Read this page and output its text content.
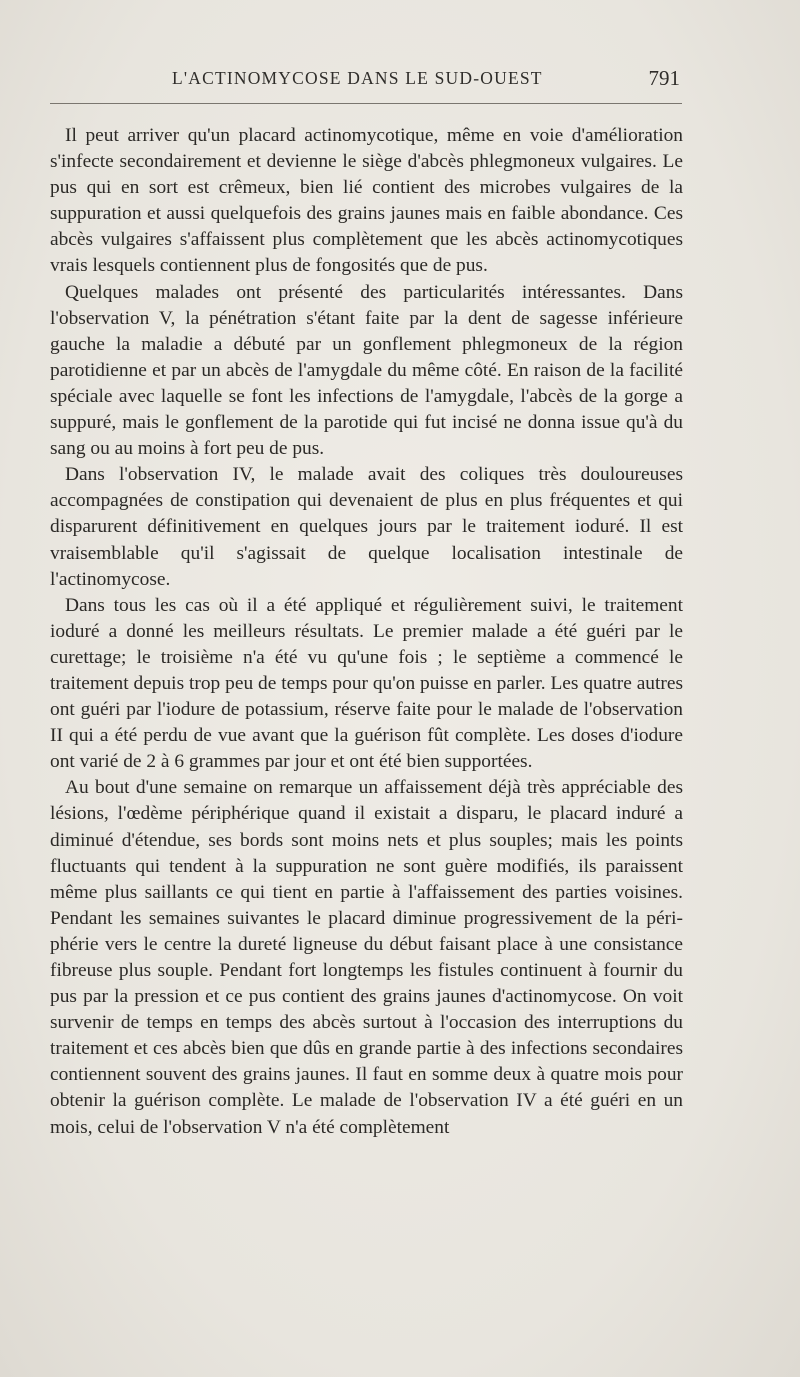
L'ACTINOMYCOSE DANS LE SUD-OUEST	791

Il peut arriver qu'un placard actinomycotique, même en voie d'amélioration s'infecte secondairement et devienne le siège d'abcès phlegmoneux vulgaires. Le pus qui en sort est crêmeux, bien lié contient des microbes vulgaires de la suppuration et aussi quelquefois des grains jaunes mais en faible abondance. Ces abcès vulgaires s'affaissent plus complètement que les abcès actinomycotiques vrais lesquels contiennent plus de fongosités que de pus.

Quelques malades ont présenté des particularités intéressantes. Dans l'observation V, la pénétration s'étant faite par la dent de sagesse inférieure gauche la maladie a débuté par un gonflement phlegmoneux de la région parotidienne et par un abcès de l'amygdale du même côté. En raison de la facilité spéciale avec laquelle se font les infections de l'amygdale, l'abcès de la gorge a suppuré, mais le gonflement de la parotide qui fut incisé ne donna issue qu'à du sang ou au moins à fort peu de pus.

Dans l'observation IV, le malade avait des coliques très douloureuses accompagnées de constipation qui devenaient de plus en plus fréquentes et qui disparurent définitivement en quelques jours par le traitement ioduré. Il est vraisemblable qu'il s'agissait de quelque localisation intestinale de l'actinomycose.

Dans tous les cas où il a été appliqué et régulièrement suivi, le traitement ioduré a donné les meilleurs résultats. Le premier malade a été guéri par le curettage; le troisième n'a été vu qu'une fois ; le septième a commencé le traitement depuis trop peu de temps pour qu'on puisse en parler. Les quatre autres ont guéri par l'iodure de potassium, réserve faite pour le malade de l'observation II qui a été perdu de vue avant que la guérison fût complète. Les doses d'iodure ont varié de 2 à 6 grammes par jour et ont été bien supportées.

Au bout d'une semaine on remarque un affaissement déjà très appréciable des lésions, l'œdème périphérique quand il existait a disparu, le placard induré a diminué d'étendue, ses bords sont moins nets et plus souples; mais les points fluctuants qui tendent à la suppuration ne sont guère modifiés, ils paraissent même plus saillants ce qui tient en partie à l'affaissement des parties voisines. Pendant les semaines suivantes le placard diminue progressivement de la périphérie vers le centre la dureté ligneuse du début faisant place à une consistance fibreuse plus souple. Pendant fort longtemps les fistules continuent à fournir du pus par la pression et ce pus contient des grains jaunes d'actinomycose. On voit survenir de temps en temps des abcès surtout à l'occasion des interruptions du traitement et ces abcès bien que dûs en grande partie à des infections secondaires contiennent souvent des grains jaunes. Il faut en somme deux à quatre mois pour obtenir la guérison complète. Le malade de l'observation IV a été guéri en un mois, celui de l'observation V n'a été complètement
